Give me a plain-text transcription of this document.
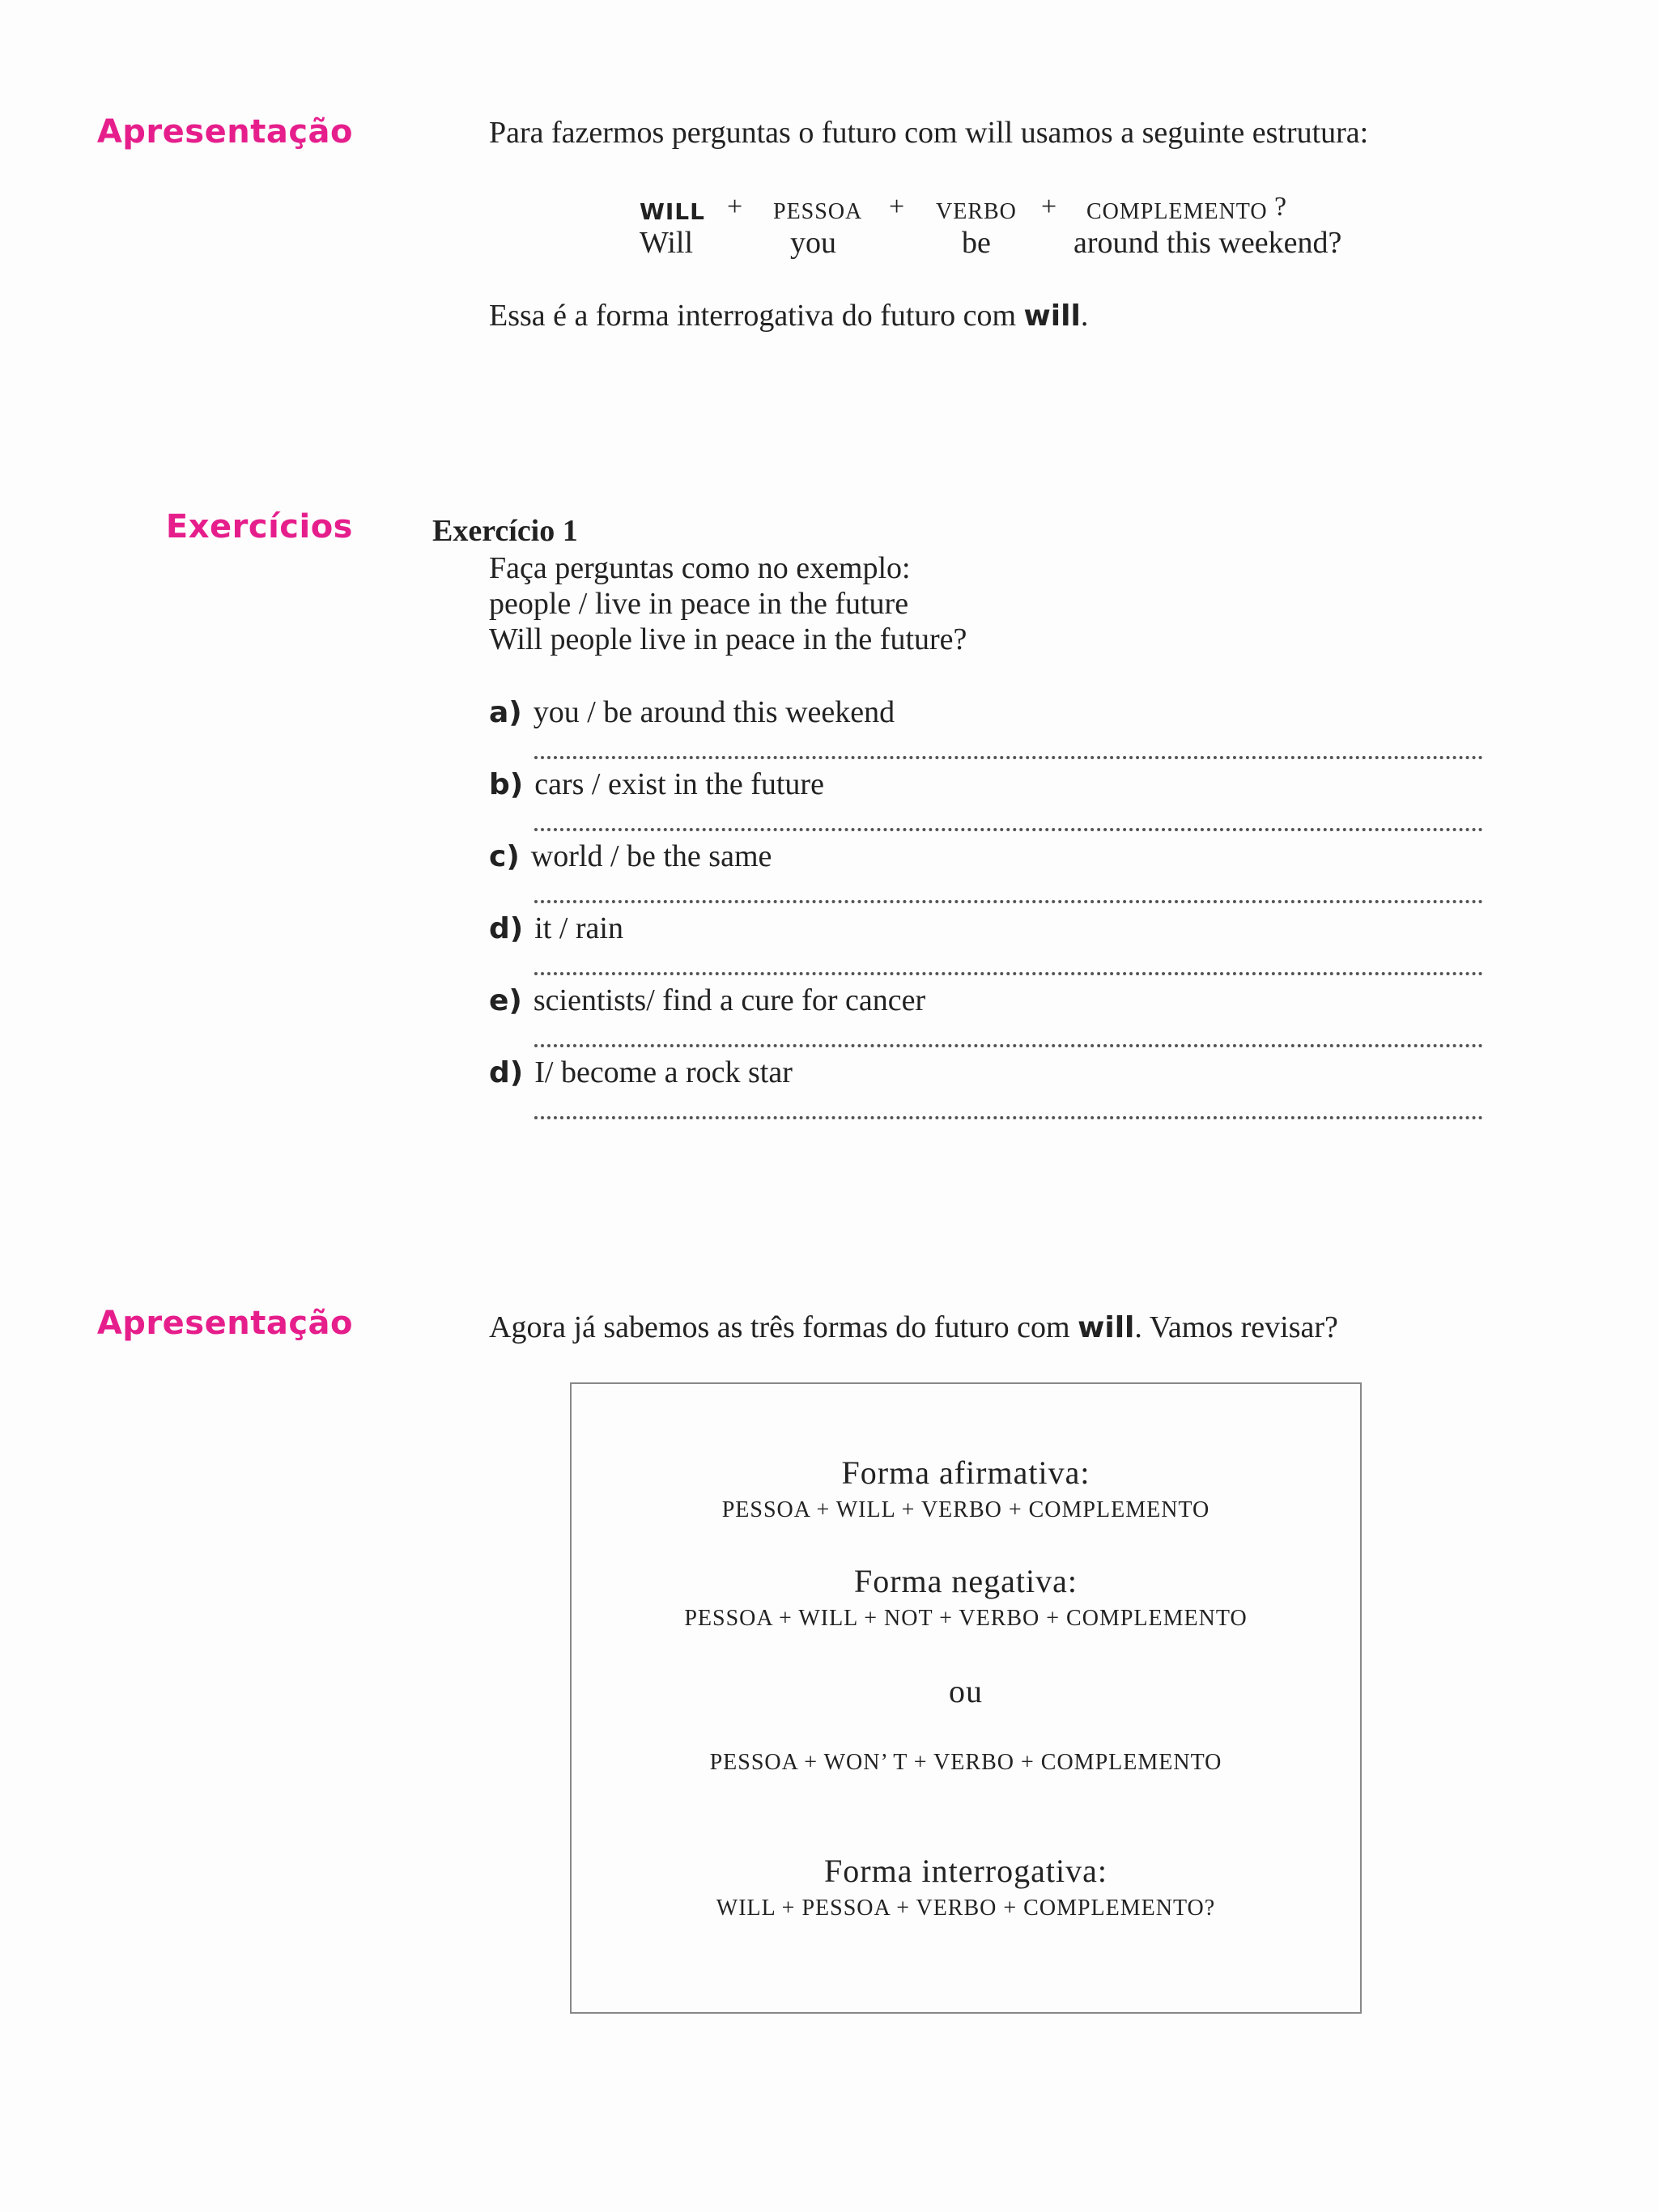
Apresentação	Para fazermos perguntas o futuro com will usamos a seguinte estrutura:
WILL + PESSOA + VERBO + COMPLEMENTO ?
Will	you	be	around this weekend?
Essa é a forma interrogativa do futuro com will.
Exercícios	Exercício 1
Faça perguntas como no exemplo:
people / live in peace in the future
Will people live in peace in the future?
a) you / be around this weekend
b) cars / exist in the future
c) world / be the same
d) it / rain
e) scientists/ find a cure for cancer
d) I/ become a rock star
Apresentação	Agora já sabemos as três formas do futuro com will. Vamos revisar?
Forma afirmativa:
PESSOA + WILL + VERBO + COMPLEMENTO
Forma negativa:
PESSOA + WILL + NOT + VERBO + COMPLEMENTO
ou
PESSOA + WON’ T + VERBO + COMPLEMENTO
Forma interrogativa:
WILL + PESSOA + VERBO + COMPLEMENTO?
